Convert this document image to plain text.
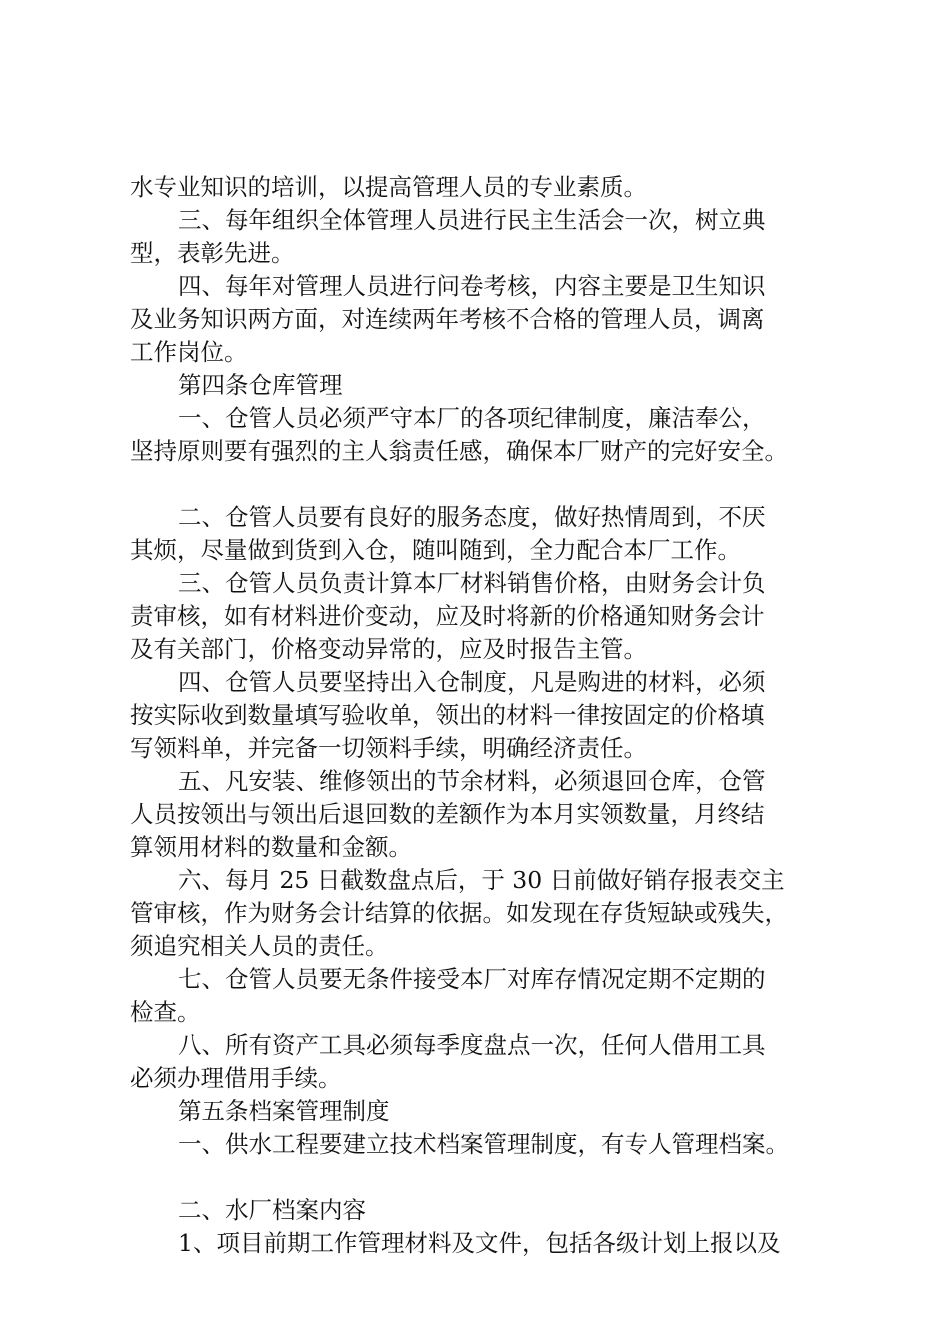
水专业知识的培训，以提高管理人员的专业素质。
三、每年组织全体管理人员进行民主生活会一次，树立典
型，表彰先进。
四、每年对管理人员进行问卷考核，内容主要是卫生知识
及业务知识两方面，对连续两年考核不合格的管理人员，调离
工作岗位。
第四条仓库管理
一、仓管人员必须严守本厂的各项纪律制度，廉洁奉公，
坚持原则要有强烈的主人翁责任感，确保本厂财产的完好安全。
二、仓管人员要有良好的服务态度，做好热情周到，不厌
其烦，尽量做到货到入仓，随叫随到，全力配合本厂工作。
三、仓管人员负责计算本厂材料销售价格，由财务会计负
责审核，如有材料进价变动，应及时将新的价格通知财务会计
及有关部门，价格变动异常的，应及时报告主管。
四、仓管人员要坚持出入仓制度，凡是购进的材料，必须
按实际收到数量填写验收单，领出的材料一律按固定的价格填
写领料单，并完备一切领料手续，明确经济责任。
五、凡安装、维修领出的节余材料，必须退回仓库，仓管
人员按领出与领出后退回数的差额作为本月实领数量，月终结
算领用材料的数量和金额。
六、每月 25 日截数盘点后，于 30 日前做好销存报表交主
管审核，作为财务会计结算的依据。如发现在存货短缺或残失，
须追究相关人员的责任。
七、仓管人员要无条件接受本厂对库存情况定期不定期的
检查。
八、所有资产工具必须每季度盘点一次，任何人借用工具
必须办理借用手续。
第五条档案管理制度
一、供水工程要建立技术档案管理制度，有专人管理档案。
二、水厂档案内容
1、项目前期工作管理材料及文件，包括各级计划上报以及
